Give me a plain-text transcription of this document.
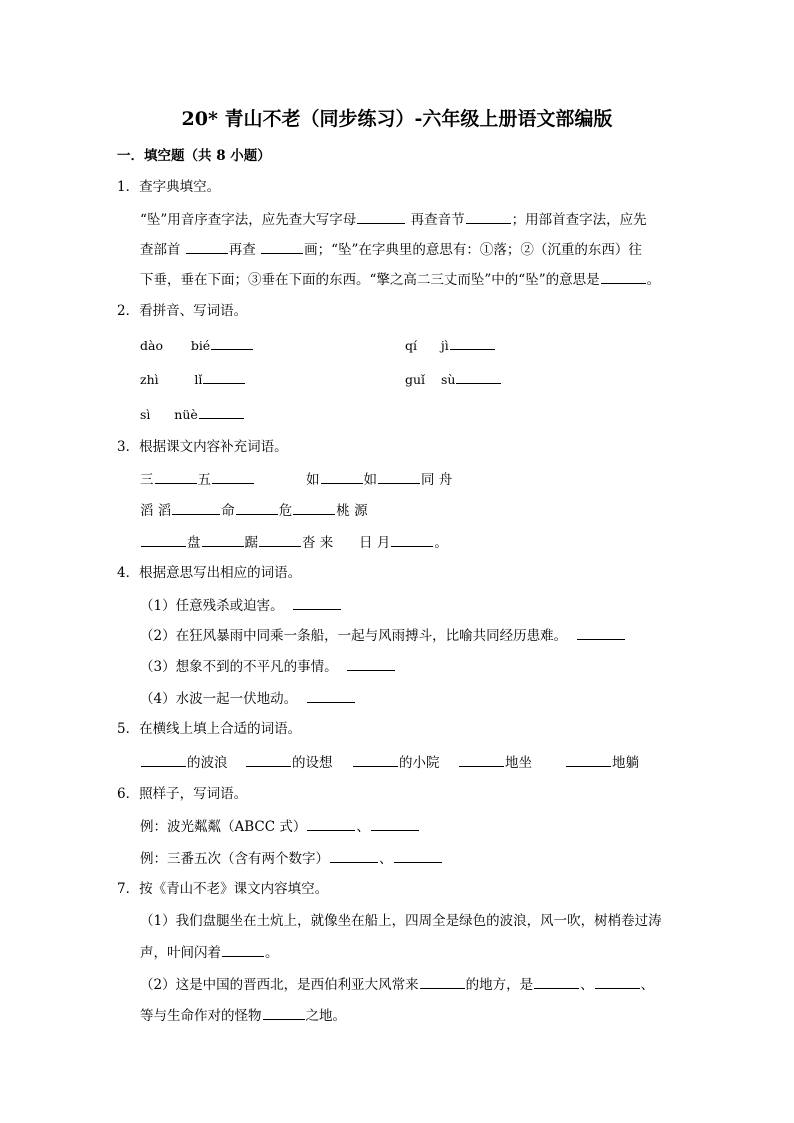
20* 青山不老（同步练习）-六年级上册语文部编版
一．填空题（共 8 小题）
1．查字典填空。
“坠”用音序查字法，应先查大写字母	再查音节	；用部首查字法，应先
查部首	再查	画；“坠”在字典里的意思有：①落；②（沉重的东西）往
下垂，垂在下面；③垂在下面的东西。“擎之高二三丈而坠”中的“坠”的意思是	。
2．看拼音、写词语。
dào bié	qí jì
zhì	lǐ	guǐ sù
sì nüè
3．根据课文内容补充词语。
三	五	如	如	同 舟
滔 滔	命	危	桃 源
盘	踞	沓 来 日 月	。
4．根据意思写出相应的词语。
（1）任意残杀或迫害。
（2）在狂风暴雨中同乘一条船，一起与风雨搏斗，比喻共同经历患难。
（3）想象不到的不平凡的事情。
（4）水波一起一伏地动。
5．在横线上填上合适的词语。
的波浪	的设想	的小院	地坐	地躺
6．照样子，写词语。
例：波光粼粼（ABCC 式）	、
例：三番五次（含有两个数字）	、
7．按《青山不老》课文内容填空。
（1）我们盘腿坐在土炕上，就像坐在船上，四周全是绿色的波浪，风一吹，树梢卷过涛
声，叶间闪着	。
（2）这是中国的晋西北，是西伯利亚大风常来	的地方，是	、	、
等与生命作对的怪物	之地。
